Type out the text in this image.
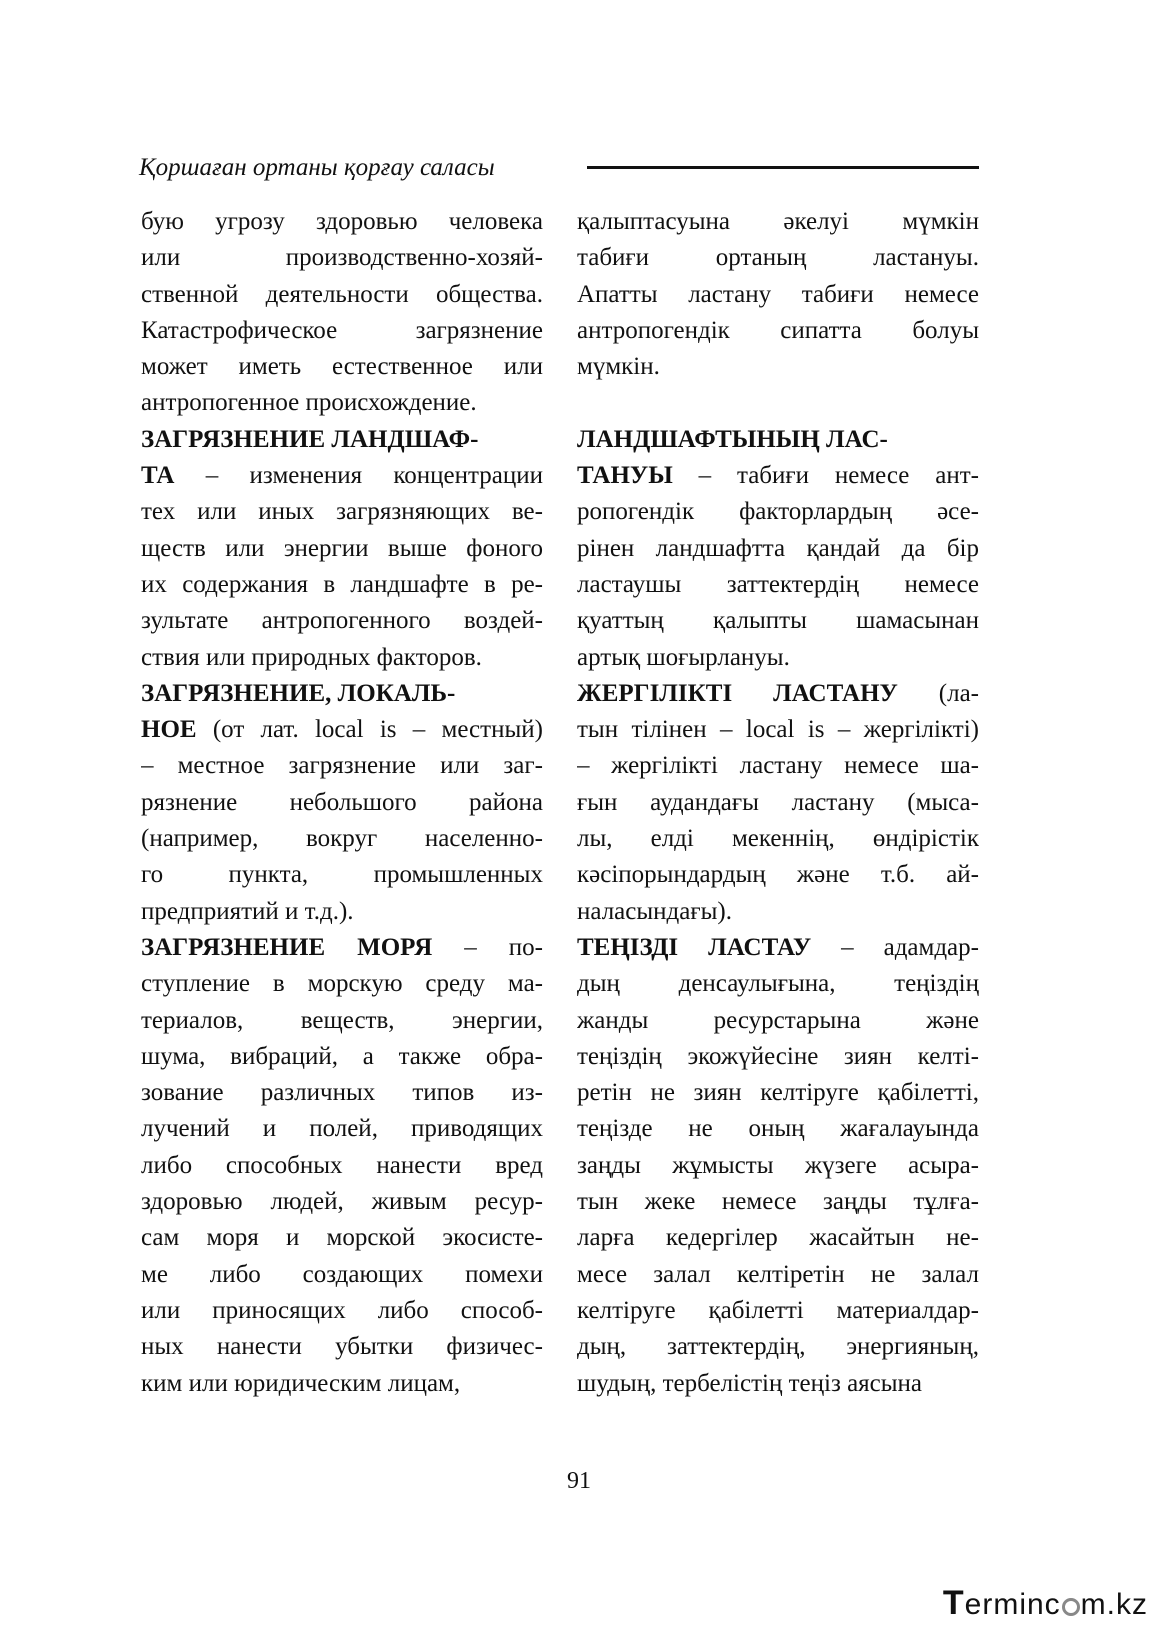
Қоршаған ортаны қорғау саласы
бую угрозу здоровью человека
или	производственно-хозяй-
ственной деятельности общества.
Катастрофическое	загрязнение
может иметь естественное или
антропогенное происхождение.
ЗАГРЯЗНЕНИЕ ЛАНДШАФ-
ТА – изменения концентрации
тех или иных загрязняющих ве-
ществ или энергии выше фоного
их содержания в ландшафте в ре-
зультате антропогенного воздей-
ствия или природных факторов.
ЗАГРЯЗНЕНИЕ, ЛОКАЛЬ-
НОЕ (от лат. local is – местный)
– местное загрязнение или заг-
рязнение небольшого района
(например, вокруг населенно-
го	пункта,	промышленных
предприятий и т.д.).
ЗАГРЯЗНЕНИЕ МОРЯ – по-
ступление в морскую среду ма-
териалов, веществ, энергии,
шума, вибраций, а также обра-
зование различных типов из-
лучений и полей, приводящих
либо способных нанести вред
здоровью людей, живым ресур-
сам моря и морской экосисте-
ме либо создающих помехи
или приносящих либо способ-
ных нанести убытки физичес-
ким или юридическим лицам,
қалыптасуына әкелуі мүмкін
табиғи	ортаның	ластануы.
Апатты ластану табиғи немесе
антропогендік сипатта болуы
мүмкін.
ЛАНДШАФТЫНЫҢ ЛАС-
ТАНУЫ – табиғи немесе ант-
ропогендік факторлардың әсе-
рінен ландшафтта қандай да бір
ластаушы заттектердің немесе
қуаттың қалыпты шамасынан
артық шоғырлануы.
ЖЕРГІЛІКТІ ЛАСТАНУ (ла-
тын тілінен – local is – жергілікті)
– жергілікті ластану немесе ша-
ғын аудандағы ластану (мыса-
лы, елді мекеннің, өндірістік
кәсіпорындардың және т.б. ай-
наласындағы).
ТЕҢІЗДІ ЛАСТАУ – адамдар-
дың денсаулығына, теңіздің
жанды	ресурстарына	және
теңіздің экожүйесіне зиян келті-
ретін не зиян келтіруге қабілетті,
теңізде не оның жағалауында
заңды жұмысты жүзеге асыра-
тын жеке немесе заңды тұлға-
ларға кедергілер жасайтын не-
месе залал келтіретін не залал
келтіруге қабілетті материалдар-
дың, заттектердің, энергияның,
шудың, тербелістің теңіз аясына
91
Terminc m.kz
